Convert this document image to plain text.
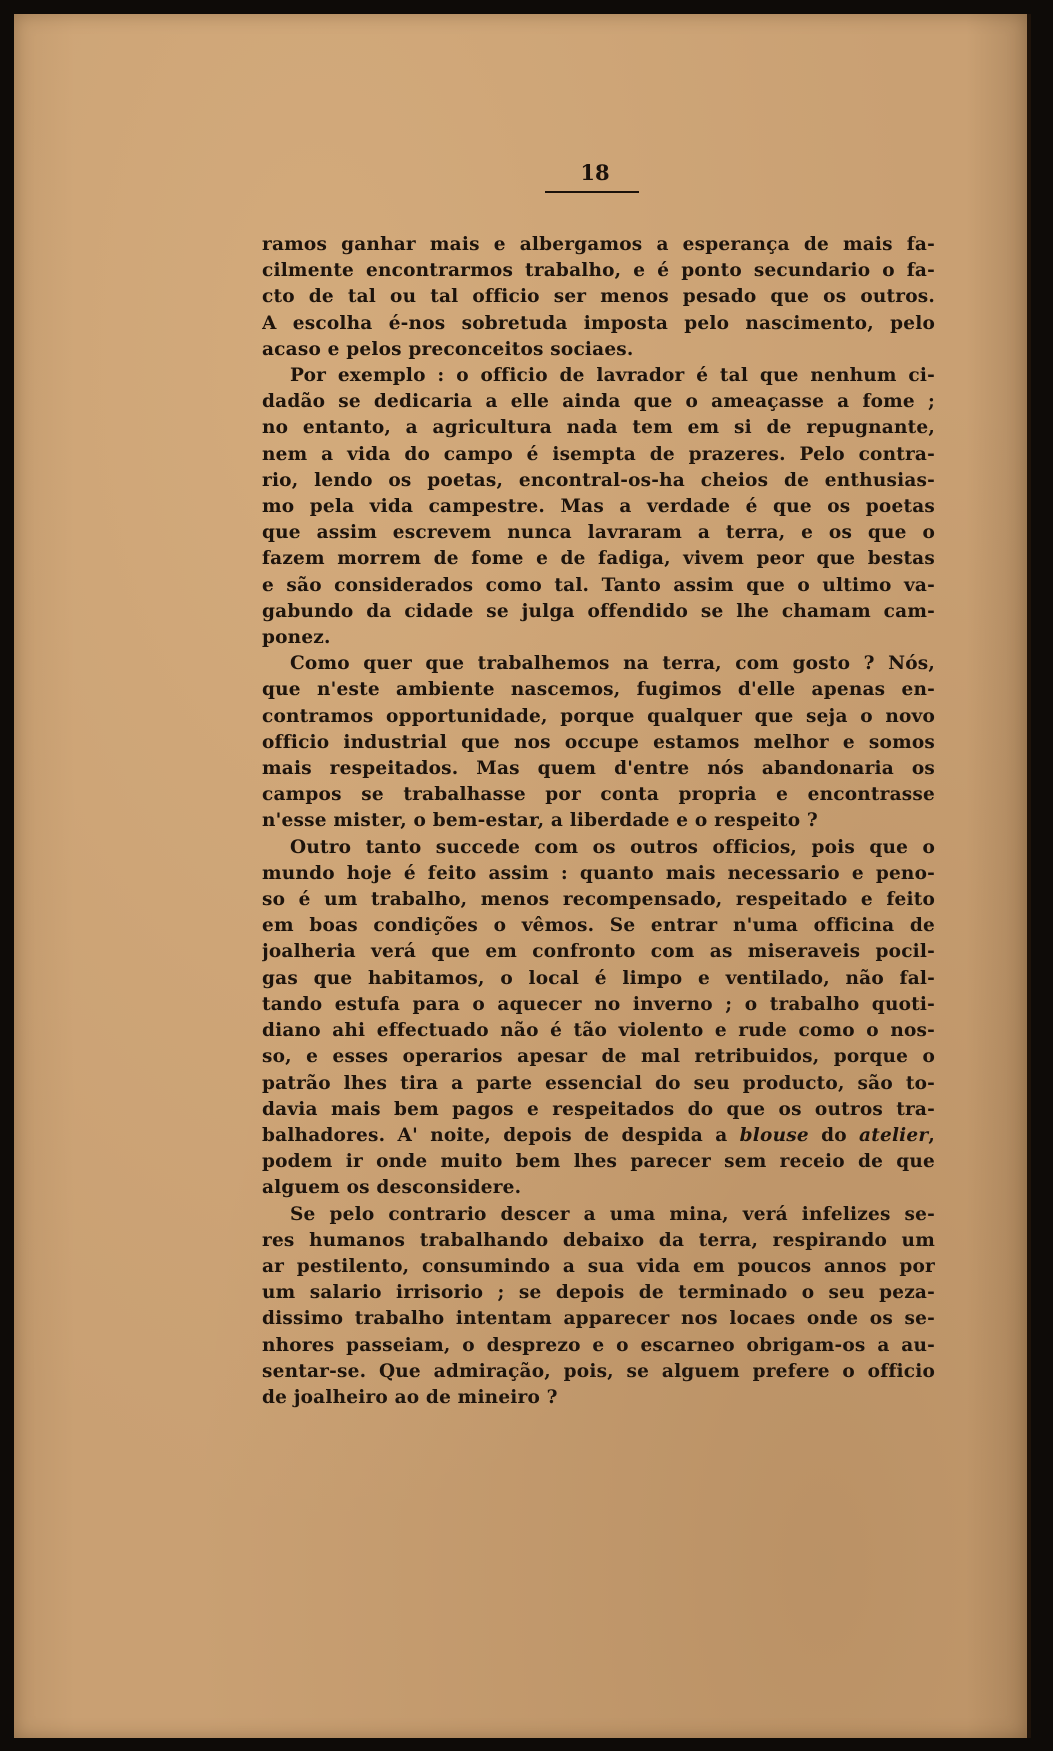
18
ramos ganhar mais e albergamos a esperança de mais fa-
cilmente encontrarmos trabalho, e é ponto secundario o fa-
cto de tal ou tal officio ser menos pesado que os outros.
A escolha é-nos sobretuda imposta pelo nascimento, pelo
acaso e pelos preconceitos sociaes.
Por exemplo : o officio de lavrador é tal que nenhum ci-
dadão se dedicaria a elle ainda que o ameaçasse a fome ;
no entanto, a agricultura nada tem em si de repugnante,
nem a vida do campo é isempta de prazeres. Pelo contra-
rio, lendo os poetas, encontral-os-ha cheios de enthusias-
mo pela vida campestre. Mas a verdade é que os poetas
que assim escrevem nunca lavraram a terra, e os que o
fazem morrem de fome e de fadiga, vivem peor que bestas
e são considerados como tal. Tanto assim que o ultimo va-
gabundo da cidade se julga offendido se lhe chamam cam-
ponez.
Como quer que trabalhemos na terra, com gosto ? Nós,
que n'este ambiente nascemos, fugimos d'elle apenas en-
contramos opportunidade, porque qualquer que seja o novo
officio industrial que nos occupe estamos melhor e somos
mais respeitados. Mas quem d'entre nós abandonaria os
campos se trabalhasse por conta propria e encontrasse
n'esse mister, o bem-estar, a liberdade e o respeito ?
Outro tanto succede com os outros officios, pois que o
mundo hoje é feito assim : quanto mais necessario e peno-
so é um trabalho, menos recompensado, respeitado e feito
em boas condições o vêmos. Se entrar n'uma officina de
joalheria verá que em confronto com as miseraveis pocil-
gas que habitamos, o local é limpo e ventilado, não fal-
tando estufa para o aquecer no inverno ; o trabalho quoti-
diano ahi effectuado não é tão violento e rude como o nos-
so, e esses operarios apesar de mal retribuidos, porque o
patrão lhes tira a parte essencial do seu producto, são to-
davia mais bem pagos e respeitados do que os outros tra-
balhadores. A' noite, depois de despida a blouse do atelier,
podem ir onde muito bem lhes parecer sem receio de que
alguem os desconsidere.
Se pelo contrario descer a uma mina, verá infelizes se-
res humanos trabalhando debaixo da terra, respirando um
ar pestilento, consumindo a sua vida em poucos annos por
um salario irrisorio ; se depois de terminado o seu peza-
dissimo trabalho intentam apparecer nos locaes onde os se-
nhores passeiam, o desprezo e o escarneo obrigam-os a au-
sentar-se. Que admiração, pois, se alguem prefere o officio
de joalheiro ao de mineiro ?
